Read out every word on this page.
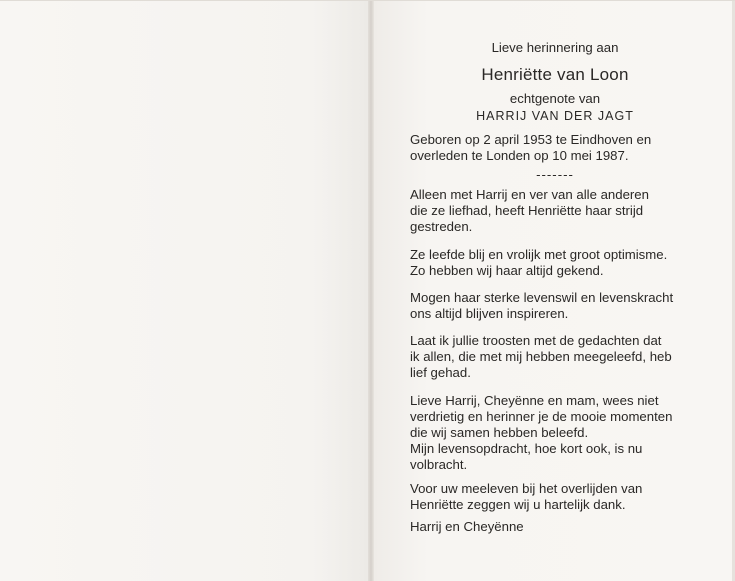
Lieve herinnering aan
Henriëtte van Loon
echtgenote van
HARRIJ VAN DER JAGT
Geboren op 2 april 1953 te Eindhoven en
overleden te Londen op 10 mei 1987.
-------
Alleen met Harrij en ver van alle anderen
die ze liefhad, heeft Henriëtte haar strijd
gestreden.
Ze leefde blij en vrolijk met groot optimisme.
Zo hebben wij haar altijd gekend.
Mogen haar sterke levenswil en levenskracht
ons altijd blijven inspireren.
Laat ik jullie troosten met de gedachten dat
ik allen, die met mij hebben meegeleefd, heb
lief gehad.
Lieve Harrij, Cheyënne en mam, wees niet
verdrietig en herinner je de mooie momenten
die wij samen hebben beleefd.
Mijn levensopdracht, hoe kort ook, is nu
volbracht.
Voor uw meeleven bij het overlijden van
Henriëtte zeggen wij u hartelijk dank.
Harrij en Cheyënne
